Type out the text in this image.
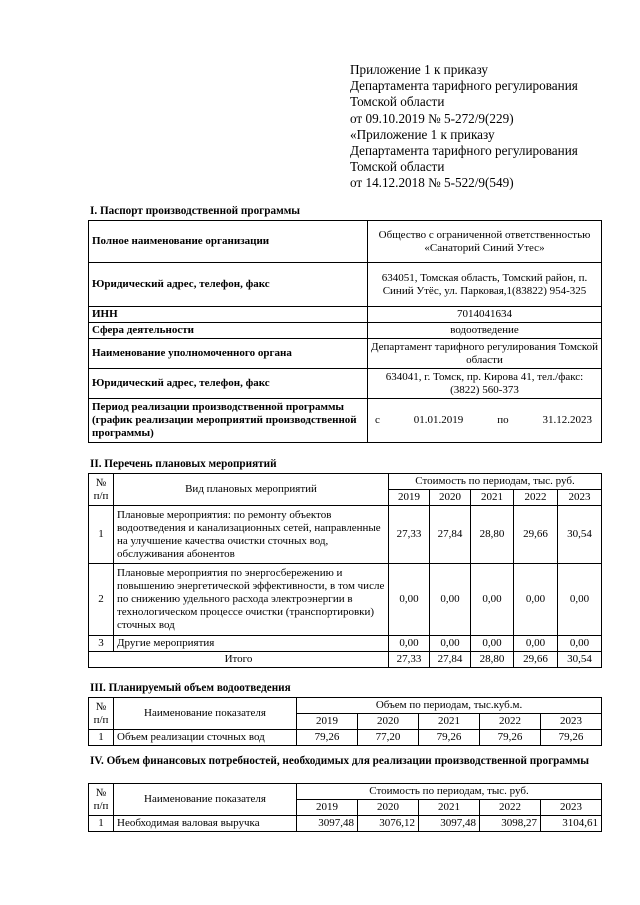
Приложение 1 к приказу
Департамента тарифного регулирования
Томской области
от 09.10.2019 № 5-272/9(229)
«Приложение 1 к приказу
Департамента тарифного регулирования
Томской области
от 14.12.2018 № 5-522/9(549)
I. Паспорт производственной программы
Полное наименование организации	Общество с ограниченной ответственностью «Санаторий Синий Утес»
Юридический адрес, телефон, факс	634051, Томская область, Томский район, п. Синий Утёс, ул. Парковая,1(83822) 954-325
ИНН	7014041634
Сфера деятельности	водоотведение
Наименование уполномоченного органа	Департамент тарифного регулирования Томской области
Юридический адрес, телефон, факс	634041, г. Томск, пр. Кирова 41, тел./факс: (3822) 560-373
Период реализации производственной программы (график реализации мероприятий производственной программы)	с 01.01.2019 по 31.12.2023
II. Перечень плановых мероприятий
№ п/п	Вид плановых мероприятий	Стоимость по периодам, тыс. руб.				
		2019	2020	2021	2022	2023
1	Плановые мероприятия: по ремонту объектов водоотведения и канализационных сетей, направленные на улучшение качества очистки сточных вод, обслуживания абонентов	27,33	27,84	28,80	29,66	30,54
2	Плановые мероприятия по энергосбережению и повышению энергетической эффективности, в том числе по снижению удельного расхода электроэнергии в технологическом процессе очистки (транспортировки) сточных вод	0,00	0,00	0,00	0,00	0,00
3	Другие мероприятия	0,00	0,00	0,00	0,00	0,00
Итого		27,33	27,84	28,80	29,66	30,54
III. Планируемый объем водоотведения
№ п/п	Наименование показателя	Объем по периодам, тыс.куб.м.				
		2019	2020	2021	2022	2023
1	Объем реализации сточных вод	79,26	77,20	79,26	79,26	79,26
IV. Объем финансовых потребностей, необходимых для реализации производственной программы
№ п/п	Наименование показателя	Стоимость по периодам, тыс. руб.				
		2019	2020	2021	2022	2023
1	Необходимая валовая выручка	3097,48	3076,12	3097,48	3098,27	3104,61
